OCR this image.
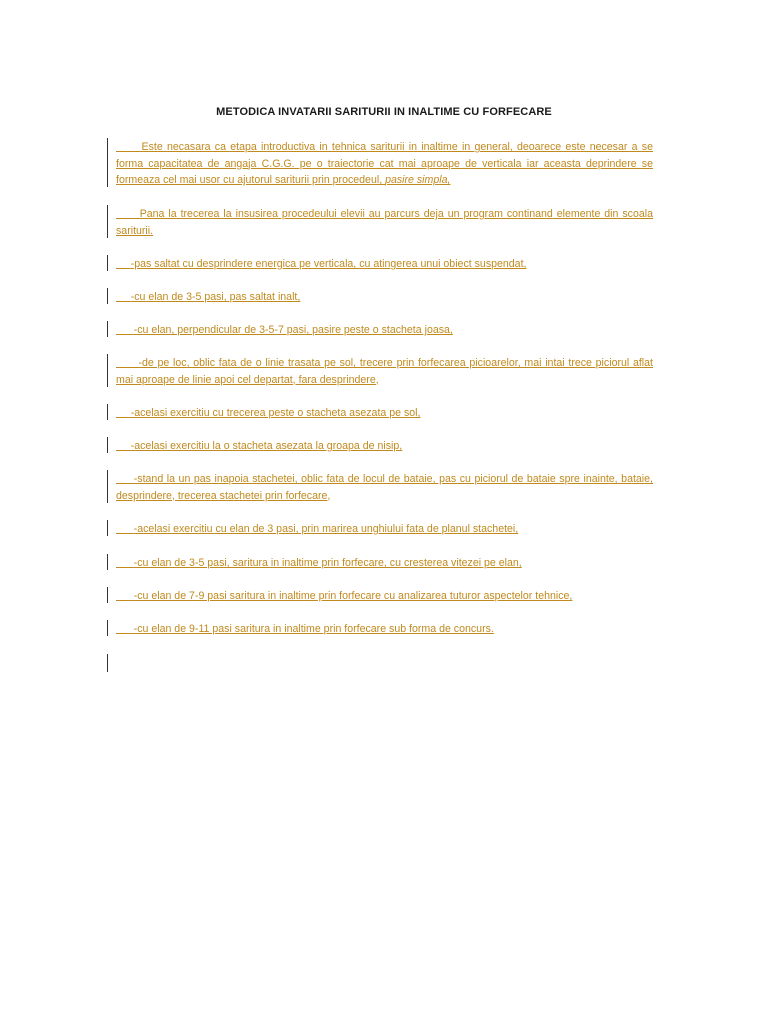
METODICA INVATARII SARITURII IN INALTIME CU FORFECARE
Este necasara ca etapa introductiva in tehnica sariturii in inaltime in general, deoarece este necesar a se forma capacitatea de angaja C.G.G. pe o traiectorie cat mai aproape de verticala iar aceasta deprindere se formeaza cel mai usor cu ajutorul sariturii prin procedeul, pasire simpla,
Pana la trecerea la insusirea procedeului elevii au parcurs deja un program continand elemente din scoala sariturii.
-pas saltat cu desprindere energica pe verticala, cu atingerea unui obiect suspendat,
-cu elan de 3-5 pasi, pas saltat inalt,
-cu elan, perpendicular de 3-5-7 pasi, pasire peste o stacheta joasa,
-de pe loc, oblic fata de o linie trasata pe sol, trecere prin forfecarea picioarelor, mai intai trece piciorul aflat mai aproape de linie apoi cel departat, fara desprindere,
-acelasi exercitiu cu trecerea peste o stacheta asezata pe sol,
-acelasi exercitiu la o stacheta asezata la groapa de nisip,
-stand la un pas inapoia stachetei, oblic fata de locul de bataie, pas cu piciorul de bataie spre inainte, bataie, desprindere, trecerea stachetei prin forfecare,
-acelasi exercitiu cu elan de 3 pasi, prin marirea unghiului fata de planul stachetei,
-cu elan de 3-5 pasi, saritura in inaltime prin forfecare, cu cresterea vitezei pe elan,
-cu elan de 7-9 pasi saritura in inaltime prin forfecare cu analizarea tuturor aspectelor tehnice,
-cu elan de 9-11 pasi saritura in inaltime prin forfecare sub forma de concurs.
